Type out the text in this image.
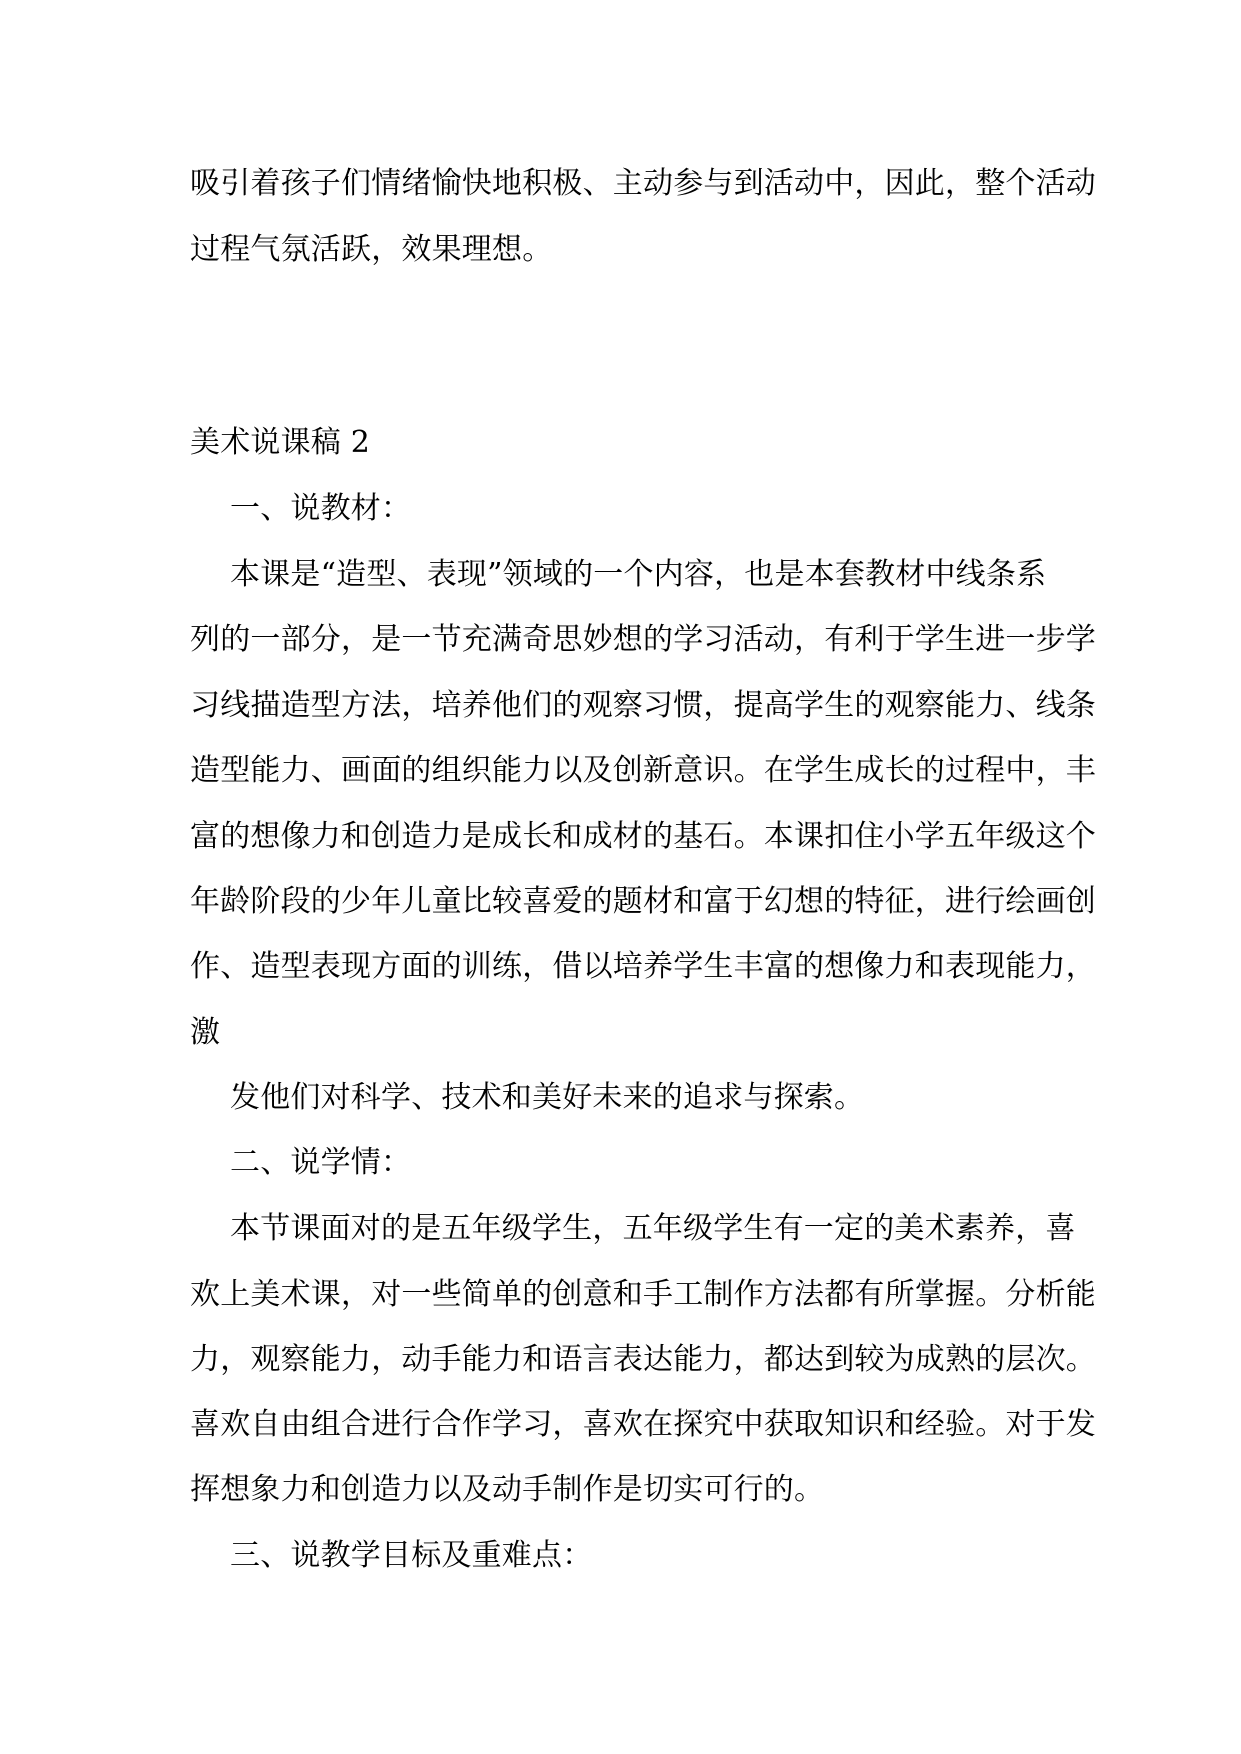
吸引着孩子们情绪愉快地积极、主动参与到活动中，因此，整个活动
过程气氛活跃，效果理想。
美术说课稿 2
一、说教材：
本课是“造型、表现”领域的一个内容，也是本套教材中线条系
列的一部分，是一节充满奇思妙想的学习活动，有利于学生进一步学
习线描造型方法，培养他们的观察习惯，提高学生的观察能力、线条
造型能力、画面的组织能力以及创新意识。在学生成长的过程中，丰
富的想像力和创造力是成长和成材的基石。本课扣住小学五年级这个
年龄阶段的少年儿童比较喜爱的题材和富于幻想的特征，进行绘画创
作、造型表现方面的训练，借以培养学生丰富的想像力和表现能力，
激
发他们对科学、技术和美好未来的追求与探索。
二、说学情：
本节课面对的是五年级学生，五年级学生有一定的美术素养，喜
欢上美术课，对一些简单的创意和手工制作方法都有所掌握。分析能
力，观察能力，动手能力和语言表达能力，都达到较为成熟的层次。
喜欢自由组合进行合作学习，喜欢在探究中获取知识和经验。对于发
挥想象力和创造力以及动手制作是切实可行的。
三、说教学目标及重难点：
